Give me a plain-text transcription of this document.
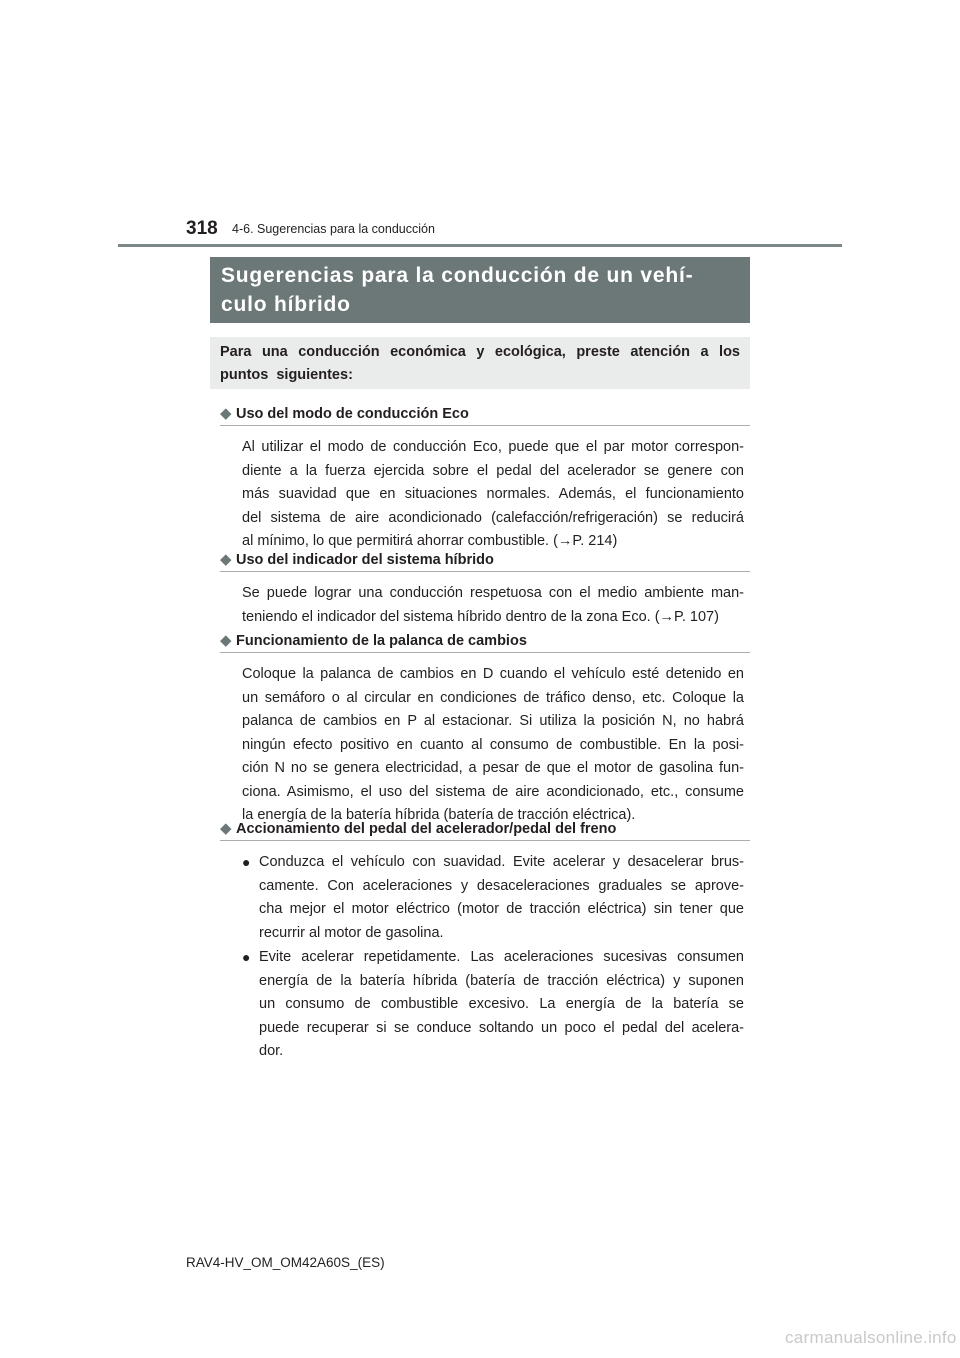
318 4-6. Sugerencias para la conducción
Sugerencias para la conducción de un vehí-
culo híbrido
Para una conducción económica y ecológica, preste atención a los
puntos siguientes:
◆ Uso del modo de conducción Eco
Al utilizar el modo de conducción Eco, puede que el par motor correspon-
diente a la fuerza ejercida sobre el pedal del acelerador se genere con
más suavidad que en situaciones normales. Además, el funcionamiento
del sistema de aire acondicionado (calefacción/refrigeración) se reducirá
al mínimo, lo que permitirá ahorrar combustible. (→P. 214)
◆ Uso del indicador del sistema híbrido
Se puede lograr una conducción respetuosa con el medio ambiente man-
teniendo el indicador del sistema híbrido dentro de la zona Eco. (→P. 107)
◆ Funcionamiento de la palanca de cambios
Coloque la palanca de cambios en D cuando el vehículo esté detenido en
un semáforo o al circular en condiciones de tráfico denso, etc. Coloque la
palanca de cambios en P al estacionar. Si utiliza la posición N, no habrá
ningún efecto positivo en cuanto al consumo de combustible. En la posi-
ción N no se genera electricidad, a pesar de que el motor de gasolina fun-
ciona. Asimismo, el uso del sistema de aire acondicionado, etc., consume
la energía de la batería híbrida (batería de tracción eléctrica).
◆ Accionamiento del pedal del acelerador/pedal del freno
● Conduzca el vehículo con suavidad. Evite acelerar y desacelerar brus-
camente. Con aceleraciones y desaceleraciones graduales se aprove-
cha mejor el motor eléctrico (motor de tracción eléctrica) sin tener que
recurrir al motor de gasolina.
● Evite acelerar repetidamente. Las aceleraciones sucesivas consumen
energía de la batería híbrida (batería de tracción eléctrica) y suponen
un consumo de combustible excesivo. La energía de la batería se
puede recuperar si se conduce soltando un poco el pedal del acelera-
dor.
RAV4-HV_OM_OM42A60S_(ES)
carmanualsonline.info
